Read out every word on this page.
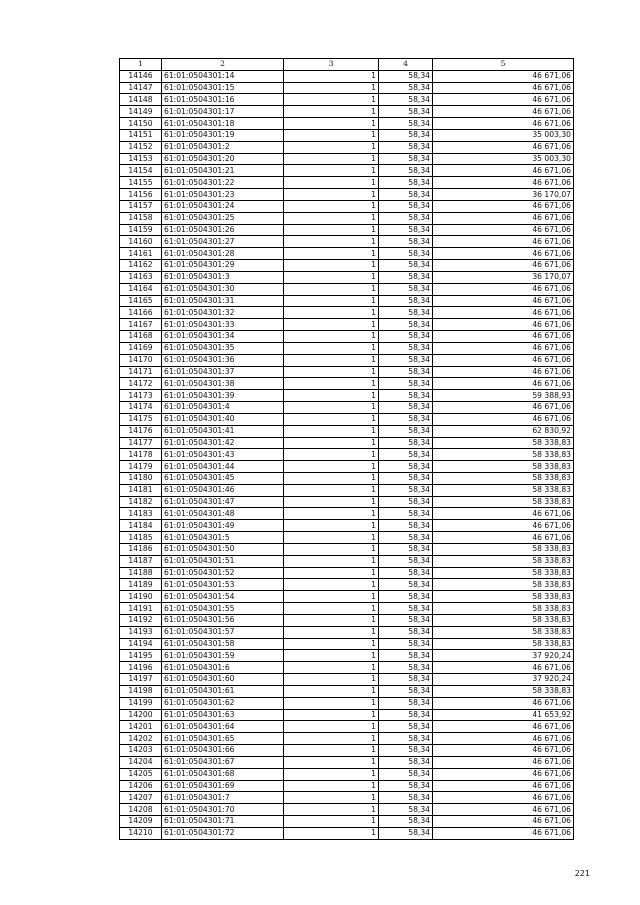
1	2	3	4	5
14146	61:01:0504301:14	1	58,34	46 671,06
14147	61:01:0504301:15	1	58,34	46 671,06
14148	61:01:0504301:16	1	58,34	46 671,06
14149	61:01:0504301:17	1	58,34	46 671,06
14150	61:01:0504301:18	1	58,34	46 671,06
14151	61:01:0504301:19	1	58,34	35 003,30
14152	61:01:0504301:2	1	58,34	46 671,06
14153	61:01:0504301:20	1	58,34	35 003,30
14154	61:01:0504301:21	1	58,34	46 671,06
14155	61:01:0504301:22	1	58,34	46 671,06
14156	61:01:0504301:23	1	58,34	36 170,07
14157	61:01:0504301:24	1	58,34	46 671,06
14158	61:01:0504301:25	1	58,34	46 671,06
14159	61:01:0504301:26	1	58,34	46 671,06
14160	61:01:0504301:27	1	58,34	46 671,06
14161	61:01:0504301:28	1	58,34	46 671,06
14162	61:01:0504301:29	1	58,34	46 671,06
14163	61:01:0504301:3	1	58,34	36 170,07
14164	61:01:0504301:30	1	58,34	46 671,06
14165	61:01:0504301:31	1	58,34	46 671,06
14166	61:01:0504301:32	1	58,34	46 671,06
14167	61:01:0504301:33	1	58,34	46 671,06
14168	61:01:0504301:34	1	58,34	46 671,06
14169	61:01:0504301:35	1	58,34	46 671,06
14170	61:01:0504301:36	1	58,34	46 671,06
14171	61:01:0504301:37	1	58,34	46 671,06
14172	61:01:0504301:38	1	58,34	46 671,06
14173	61:01:0504301:39	1	58,34	59 388,93
14174	61:01:0504301:4	1	58,34	46 671,06
14175	61:01:0504301:40	1	58,34	46 671,06
14176	61:01:0504301:41	1	58,34	62 830,92
14177	61:01:0504301:42	1	58,34	58 338,83
14178	61:01:0504301:43	1	58,34	58 338,83
14179	61:01:0504301:44	1	58,34	58 338,83
14180	61:01:0504301:45	1	58,34	58 338,83
14181	61:01:0504301:46	1	58,34	58 338,83
14182	61:01:0504301:47	1	58,34	58 338,83
14183	61:01:0504301:48	1	58,34	46 671,06
14184	61:01:0504301:49	1	58,34	46 671,06
14185	61:01:0504301:5	1	58,34	46 671,06
14186	61:01:0504301:50	1	58,34	58 338,83
14187	61:01:0504301:51	1	58,34	58 338,83
14188	61:01:0504301:52	1	58,34	58 338,83
14189	61:01:0504301:53	1	58,34	58 338,83
14190	61:01:0504301:54	1	58,34	58 338,83
14191	61:01:0504301:55	1	58,34	58 338,83
14192	61:01:0504301:56	1	58,34	58 338,83
14193	61:01:0504301:57	1	58,34	58 338,83
14194	61:01:0504301:58	1	58,34	58 338,83
14195	61:01:0504301:59	1	58,34	37 920,24
14196	61:01:0504301:6	1	58,34	46 671,06
14197	61:01:0504301:60	1	58,34	37 920,24
14198	61:01:0504301:61	1	58,34	58 338,83
14199	61:01:0504301:62	1	58,34	46 671,06
14200	61:01:0504301:63	1	58,34	41 653,92
14201	61:01:0504301:64	1	58,34	46 671,06
14202	61:01:0504301:65	1	58,34	46 671,06
14203	61:01:0504301:66	1	58,34	46 671,06
14204	61:01:0504301:67	1	58,34	46 671,06
14205	61:01:0504301:68	1	58,34	46 671,06
14206	61:01:0504301:69	1	58,34	46 671,06
14207	61:01:0504301:7	1	58,34	46 671,06
14208	61:01:0504301:70	1	58,34	46 671,06
14209	61:01:0504301:71	1	58,34	46 671,06
14210	61:01:0504301:72	1	58,34	46 671,06
221
